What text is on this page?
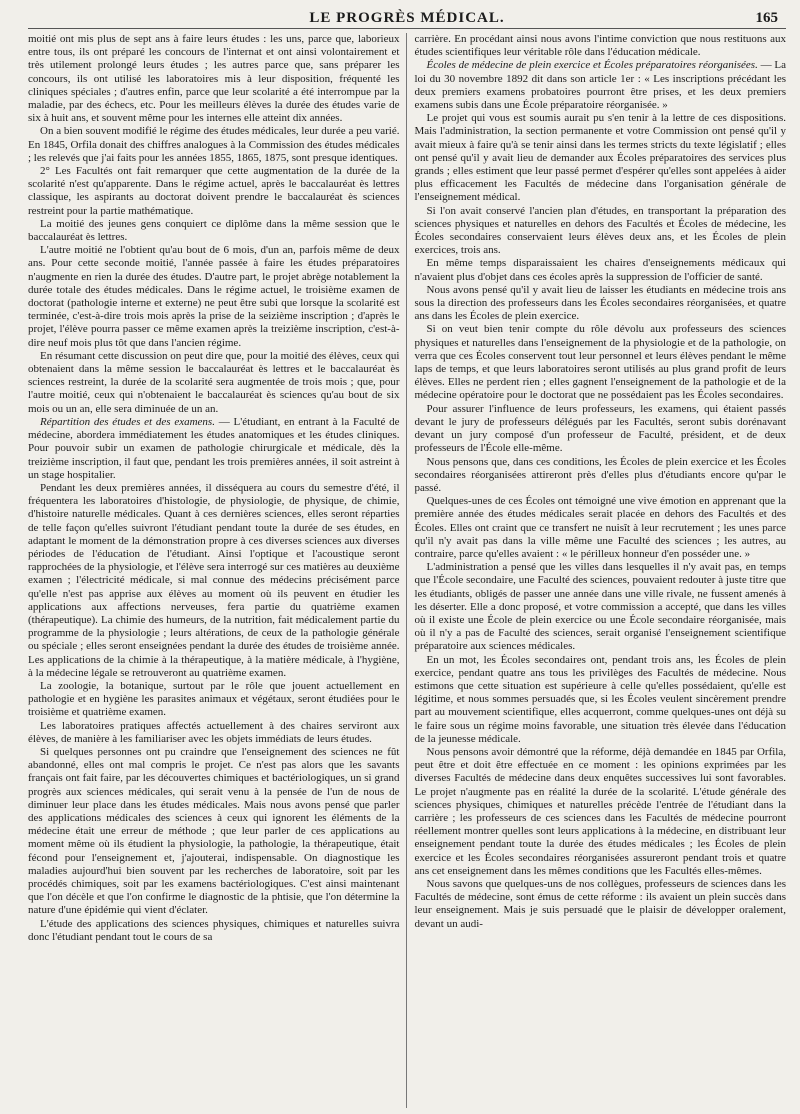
LE PROGRÈS MÉDICAL.	165

moitié ont mis plus de sept ans à faire leurs études : les uns, parce que, laborieux entre tous, ils ont préparé les concours de l'internat et ont ainsi volontairement et très utilement prolongé leurs études ; les autres parce que, sans préparer les concours, ils ont utilisé les laboratoires mis à leur disposition, fréquenté les cliniques spéciales ; d'autres enfin, parce que leur scolarité a été interrompue par la maladie, par des échecs, etc. Pour les meilleurs élèves la durée des études varie de six à huit ans, et souvent même pour les internes elle atteint dix années.

On a bien souvent modifié le régime des études médicales, leur durée a peu varié. En 1845, Orfila donait des chiffres analogues à la Commission des études médicales ; les relevés que j'ai faits pour les années 1855, 1865, 1875, sont presque identiques.

2° Les Facultés ont fait remarquer que cette augmentation de la durée de la scolarité n'est qu'apparente. Dans le régime actuel, après le baccalauréat ès lettres classique, les aspirants au doctorat doivent prendre le baccalauréat ès sciences restreint pour la partie mathématique.

La moitié des jeunes gens conquiert ce diplôme dans la même session que le baccalauréat ès lettres.

L'autre moitié ne l'obtient qu'au bout de 6 mois, d'un an, parfois même de deux ans. Pour cette seconde moitié, l'année passée à faire les études préparatoires n'augmente en rien la durée des études. D'autre part, le projet abrège notablement la durée totale des études médicales. Dans le régime actuel, le troisième examen de doctorat (pathologie interne et externe) ne peut être subi que lorsque la scolarité est terminée, c'est-à-dire trois mois après la prise de la seizième inscription ; d'après le projet, l'élève pourra passer ce même examen après la treizième inscription, c'est-à-dire neuf mois plus tôt que dans l'ancien régime.

En résumant cette discussion on peut dire que, pour la moitié des élèves, ceux qui obtenaient dans la même session le baccalauréat ès lettres et le baccalauréat ès sciences restreint, la durée de la scolarité sera augmentée de trois mois ; que, pour l'autre moitié, ceux qui n'obtenaient le baccalauréat ès sciences qu'au bout de six mois ou un an, elle sera diminuée de un an.

Répartition des études et des examens. — L'étudiant, en entrant à la Faculté de médecine, abordera immédiatement les études anatomiques et les études cliniques. Pour pouvoir subir un examen de pathologie chirurgicale et médicale, dès la treizième inscription, il faut que, pendant les trois premières années, il soit astreint à un stage hospitalier.

Pendant les deux premières années, il disséquera au cours du semestre d'été, il fréquentera les laboratoires d'histologie, de physiologie, de physique, de chimie, d'histoire naturelle médicales. Quant à ces dernières sciences, elles seront réparties de telle façon qu'elles suivront l'étudiant pendant toute la durée de ses études, en adaptant le moment de la démonstration propre à ces diverses sciences aux diverses périodes de l'éducation de l'étudiant. Ainsi l'optique et l'acoustique seront rapprochées de la physiologie, et l'élève sera interrogé sur ces matières au deuxième examen ; l'électricité médicale, si mal connue des médecins précisément parce qu'elle n'est pas apprise aux élèves au moment où ils peuvent en étudier les applications aux affections nerveuses, fera partie du quatrième examen (thérapeutique). La chimie des humeurs, de la nutrition, fait médicalement partie du programme de la physiologie ; leurs altérations, de ceux de la pathologie générale ou spéciale ; elles seront enseignées pendant la durée des études de troisième année. Les applications de la chimie à la thérapeutique, à la matière médicale, à l'hygiène, à la médecine légale se retrouveront au quatrième examen.

La zoologie, la botanique, surtout par le rôle que jouent actuellement en pathologie et en hygiène les parasites animaux et végétaux, seront étudiées pour le troisième et quatrième examen.

Les laboratoires pratiques affectés actuellement à des chaires serviront aux élèves, de manière à les familiariser avec les objets immédiats de leurs études.

Si quelques personnes ont pu craindre que l'enseignement des sciences ne fût abandonné, elles ont mal compris le projet. Ce n'est pas alors que les savants français ont fait faire, par les découvertes chimiques et bactériologiques, un si grand progrès aux sciences médicales, qui serait venu à la pensée de l'un de nous de diminuer leur place dans les études médicales. Mais nous avons pensé que parler des applications médicales des sciences à ceux qui ignorent les éléments de la médecine était une erreur de méthode ; que leur parler de ces applications au moment même où ils étudient la physiologie, la pathologie, la thérapeutique, était fécond pour l'enseignement et, j'ajouterai, indispensable. On diagnostique les maladies aujourd'hui bien souvent par les recherches de laboratoire, soit par les procédés chimiques, soit par les examens bactériologiques. C'est ainsi maintenant que l'on décèle et que l'on confirme le diagnostic de la phtisie, que l'on détermine la nature d'une épidémie qui vient d'éclater.

L'étude des applications des sciences physiques, chimiques et naturelles suivra donc l'étudiant pendant tout le cours de sa

carrière. En procédant ainsi nous avons l'intime conviction que nous restituons aux études scientifiques leur véritable rôle dans l'éducation médicale.

Écoles de médecine de plein exercice et Écoles préparatoires réorganisées. — La loi du 30 novembre 1892 dit dans son article 1er : « Les inscriptions précédant les deux premiers examens probatoires pourront être prises, et les deux premiers examens subis dans une École préparatoire réorganisée. »

Le projet qui vous est soumis aurait pu s'en tenir à la lettre de ces dispositions. Mais l'administration, la section permanente et votre Commission ont pensé qu'il y avait mieux à faire qu'à se tenir ainsi dans les termes stricts du texte législatif ; elles ont pensé qu'il y avait lieu de demander aux Écoles préparatoires des services plus grands ; elles estiment que leur passé permet d'espérer qu'elles sont appelées à aider plus efficacement les Facultés de médecine dans l'organisation générale de l'enseignement médical.

Si l'on avait conservé l'ancien plan d'études, en transportant la préparation des sciences physiques et naturelles en dehors des Facultés et Écoles de médecine, les Écoles secondaires conservaient leurs élèves deux ans, et les Écoles de plein exercices, trois ans.

En même temps disparaissaient les chaires d'enseignements médicaux qui n'avaient plus d'objet dans ces écoles après la suppression de l'officier de santé.

Nous avons pensé qu'il y avait lieu de laisser les étudiants en médecine trois ans sous la direction des professeurs dans les Écoles secondaires réorganisées, et quatre ans dans les Écoles de plein exercice.

Si on veut bien tenir compte du rôle dévolu aux professeurs des sciences physiques et naturelles dans l'enseignement de la physiologie et de la pathologie, on verra que ces Écoles conservent tout leur personnel et leurs élèves pendant le même laps de temps, et que leurs laboratoires seront utilisés au plus grand profit de leurs élèves. Elles ne perdent rien ; elles gagnent l'enseignement de la pathologie et de la médecine opératoire pour le doctorat que ne possédaient pas les Écoles secondaires.

Pour assurer l'influence de leurs professeurs, les examens, qui étaient passés devant le jury de professeurs délégués par les Facultés, seront subis dorénavant devant un jury composé d'un professeur de Faculté, président, et de deux professeurs de l'École elle-même.

Nous pensons que, dans ces conditions, les Écoles de plein exercice et les Écoles secondaires réorganisées attireront près d'elles plus d'étudiants encore qu'par le passé.

Quelques-unes de ces Écoles ont témoigné une vive émotion en apprenant que la première année des études médicales serait placée en dehors des Facultés et des Écoles. Elles ont craint que ce transfert ne nuisît à leur recrutement ; les unes parce qu'il n'y avait pas dans la ville même une Faculté des sciences ; les autres, au contraire, parce qu'elles avaient : « le périlleux honneur d'en posséder une. »

L'administration a pensé que les villes dans lesquelles il n'y avait pas, en temps que l'École secondaire, une Faculté des sciences, pouvaient redouter à juste titre que les étudiants, obligés de passer une année dans une ville rivale, ne fussent amenés à les déserter. Elle a donc proposé, et votre commission a accepté, que dans les villes où il existe une École de plein exercice ou une École secondaire réorganisée, mais où il n'y a pas de Faculté des sciences, serait organisé l'enseignement scientifique préparatoire aux sciences médicales.

En un mot, les Écoles secondaires ont, pendant trois ans, les Écoles de plein exercice, pendant quatre ans tous les privilèges des Facultés de médecine. Nous estimons que cette situation est supérieure à celle qu'elles possédaient, qu'elle est légitime, et nous sommes persuadés que, si les Écoles veulent sincèrement prendre part au mouvement scientifique, elles acquerront, comme quelques-unes ont déjà su le faire sous un régime moins favorable, une situation très élevée dans l'éducation de la jeunesse médicale.

Nous pensons avoir démontré que la réforme, déjà demandée en 1845 par Orfila, peut être et doit être effectuée en ce moment : les opinions exprimées par les diverses Facultés de médecine dans deux enquêtes successives lui sont favorables. Le projet n'augmente pas en réalité la durée de la scolarité. L'étude générale des sciences physiques, chimiques et naturelles précède l'entrée de l'étudiant dans la carrière ; les professeurs de ces sciences dans les Facultés de médecine pourront réellement montrer quelles sont leurs applications à la médecine, en distribuant leur enseignement pendant toute la durée des études médicales ; les Écoles de plein exercice et les Écoles secondaires réorganisées assureront pendant trois et quatre ans cet enseignement dans les mêmes conditions que les Facultés elles-mêmes.

Nous savons que quelques-uns de nos collègues, professeurs de sciences dans les Facultés de médecine, sont émus de cette réforme : ils avaient un plein succès dans leur enseignement. Mais je suis persuadé que le plaisir de développer oralement, devant un audi-
